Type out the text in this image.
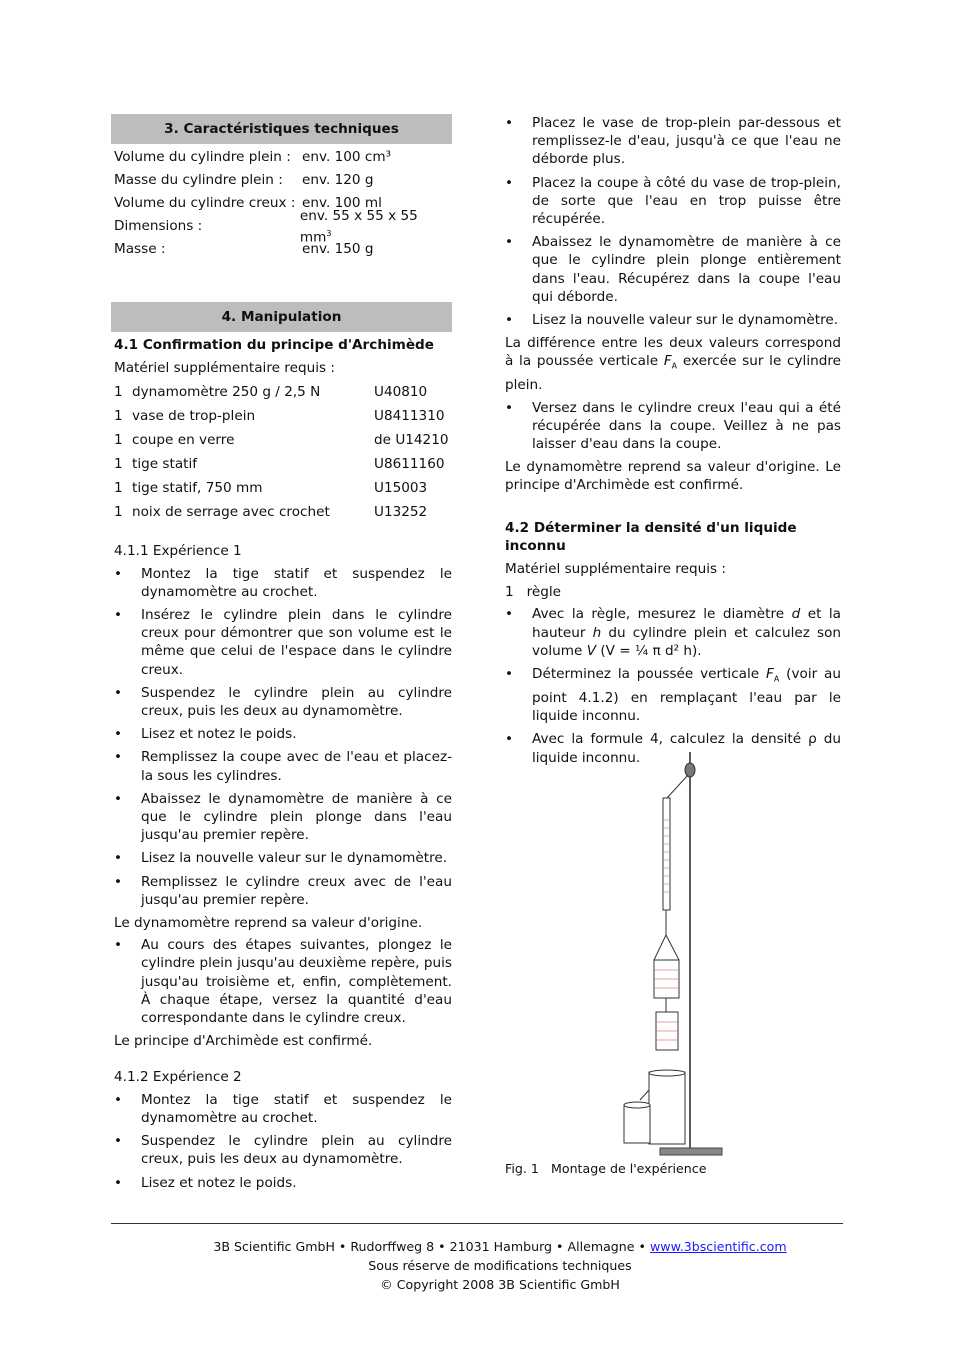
3. Caractéristiques techniques
Volume du cylindre plein : env. 100 cm³
Masse du cylindre plein :	env. 120 g
Volume du cylindre creux : env. 100 ml
Dimensions :
env. 55 x 55 x 55 $mm^3$
Masse :	env. 150 g
4. Manipulation
4.1 Confirmation du principe d'Archimède
Matériel supplémentaire requis :
1 dynamomètre 250 g / 2,5 N	U40810
1 vase de trop-plein	U8411310
1 coupe en verre	de U14210
1 tige statif	U8611160
1 tige statif, 750 mm	U15003
1 noix de serrage avec crochet	U13252
4.1.1 Expérience 1
• Montez la tige statif et suspendez le dynamomètre au crochet.
• Insérez le cylindre plein dans le cylindre creux pour démontrer que son volume est le même que celui de l'espace dans le cylindre creux.
• Suspendez le cylindre plein au cylindre creux, puis les deux au dynamomètre.
• Lisez et notez le poids.
• Remplissez la coupe avec de l'eau et placez-la sous les cylindres.
• Abaissez le dynamomètre de manière à ce que le cylindre plein plonge dans l'eau jusqu'au premier repère.
• Lisez la nouvelle valeur sur le dynamomètre.
• Remplissez le cylindre creux avec de l'eau jusqu'au premier repère.
Le dynamomètre reprend sa valeur d'origine.
• Au cours des étapes suivantes, plongez le cylindre plein jusqu'au deuxième repère, puis jusqu'au troisième et, enfin, complètement. À chaque étape, versez la quantité d'eau correspondante dans le cylindre creux.
Le principe d'Archimède est confirmé.
4.1.2 Expérience 2
• Montez la tige statif et suspendez le dynamomètre au crochet.
• Suspendez le cylindre plein au cylindre creux, puis les deux au dynamomètre.
• Lisez et notez le poids.
• Placez le vase de trop-plein par-dessous et remplissez-le d'eau, jusqu'à ce que l'eau ne déborde plus.
• Placez la coupe à côté du vase de trop-plein, de sorte que l'eau en trop puisse être récupérée.
• Abaissez le dynamomètre de manière à ce que le cylindre plein plonge entièrement dans l'eau. Récupérez dans la coupe l'eau qui déborde.
• Lisez la nouvelle valeur sur le dynamomètre.
La différence entre les deux valeurs correspond à la poussée verticale $F_A$ exercée sur le cylindre plein.
• Versez dans le cylindre creux l'eau qui a été récupérée dans la coupe. Veillez à ne pas laisser d'eau dans la coupe.
Le dynamomètre reprend sa valeur d'origine. Le principe d'Archimède est confirmé.
4.2 Déterminer la densité d'un liquide inconnu
Matériel supplémentaire requis :
1   règle
• Avec la règle, mesurez le diamètre d et la hauteur h du cylindre plein et calculez son volume V (V = ¼ π d² h).
• Déterminez la poussée verticale $F_A$ (voir au point 4.1.2) en remplaçant l'eau par le liquide inconnu.
• Avec la formule 4, calculez la densité ρ du liquide inconnu.
Fig. 1 Montage de l'expérience
3B Scientific GmbH • Rudorffweg 8 • 21031 Hamburg • Allemagne • www.3bscientific.com
Sous réserve de modifications techniques
© Copyright 2008 3B Scientific GmbH
